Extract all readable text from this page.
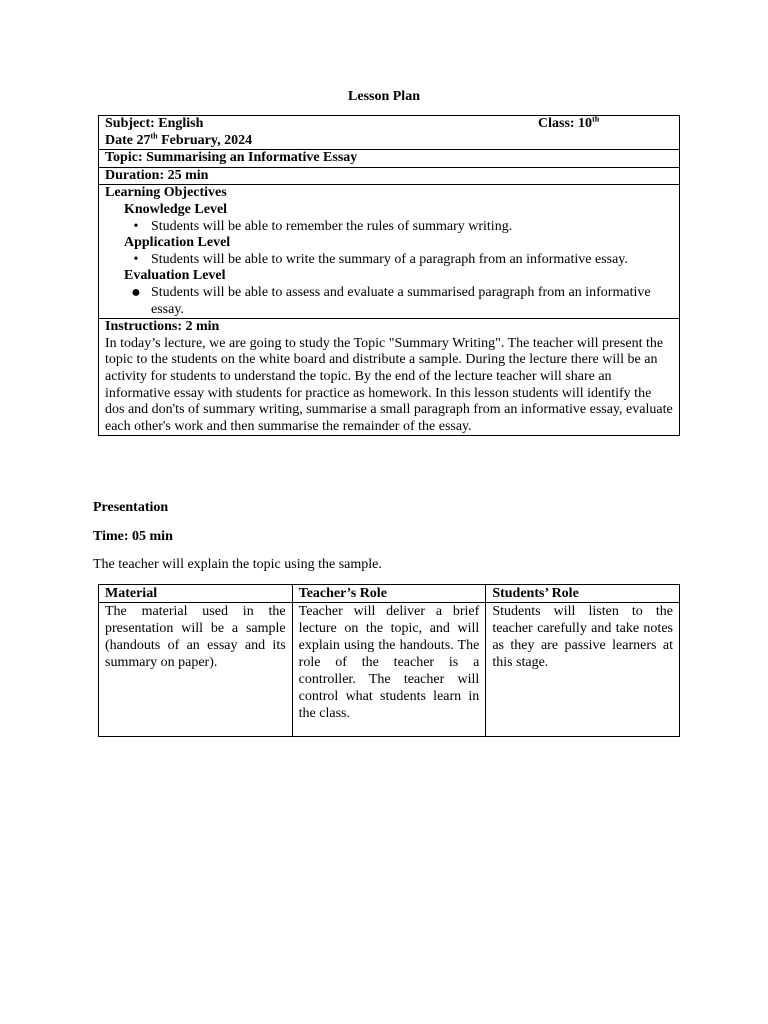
Lesson Plan
Subject: English	Class: 10th
Date 27th February, 2024

Topic: Summarising an Informative Essay
Duration: 25 min

Learning Objectives
Knowledge Level
• Students will be able to remember the rules of summary writing.
Application Level
• Students will be able to write the summary of a paragraph from an informative essay.
Evaluation Level
● Students will be able to assess and evaluate a summarised paragraph from an informative essay.

Instructions: 2 min

In today’s lecture, we are going to study the Topic "Summary Writing". The teacher will present the topic to the students on the white board and distribute a sample. During the lecture there will be an activity for students to understand the topic. By the end of the lecture teacher will share an informative essay with students for practice as homework. In this lesson students will identify the dos and don'ts of summary writing, summarise a small paragraph from an informative essay, evaluate each other's work and then summarise the remainder of the essay.

Presentation
Time: 05 min
The teacher will explain the topic using the sample.
Material	Teacher’s Role	Students’ Role
The material used in the presentation will be a sample (handouts of an essay and its summary on paper).	Teacher will deliver a brief lecture on the topic, and will explain using the handouts. The role of the teacher is a controller. The teacher will control what students learn in the class.	Students will listen to the teacher carefully and take notes as they are passive learners at this stage.
